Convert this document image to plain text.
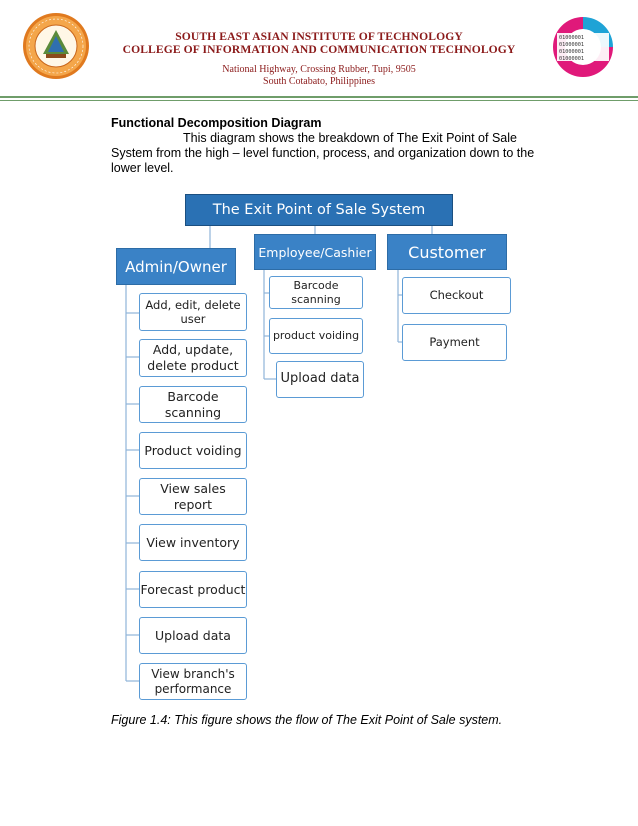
SOUTH EAST ASIAN INSTITUTE OF TECHNOLOGY
COLLEGE OF INFORMATION AND COMMUNICATION TECHNOLOGY
National Highway, Crossing Rubber, Tupi, 9505
South Cotabato, Philippines
01000001
01000001
01000001
01000001
Functional Decomposition Diagram
This diagram shows the breakdown of The Exit Point of Sale System from the high – level function, process, and organization down to the lower level.
The Exit Point of Sale System
Admin/Owner
Employee/Cashier	Customer
Add, edit, delete user
Add, update, delete product
Barcode scanning
Product voiding
View sales report
View inventory
Forecast product
Upload data
View branch's performance
Barcode scanning
product voiding
Upload data
Checkout
Payment
Figure 1.4: This figure shows the flow of The Exit Point of Sale system.
